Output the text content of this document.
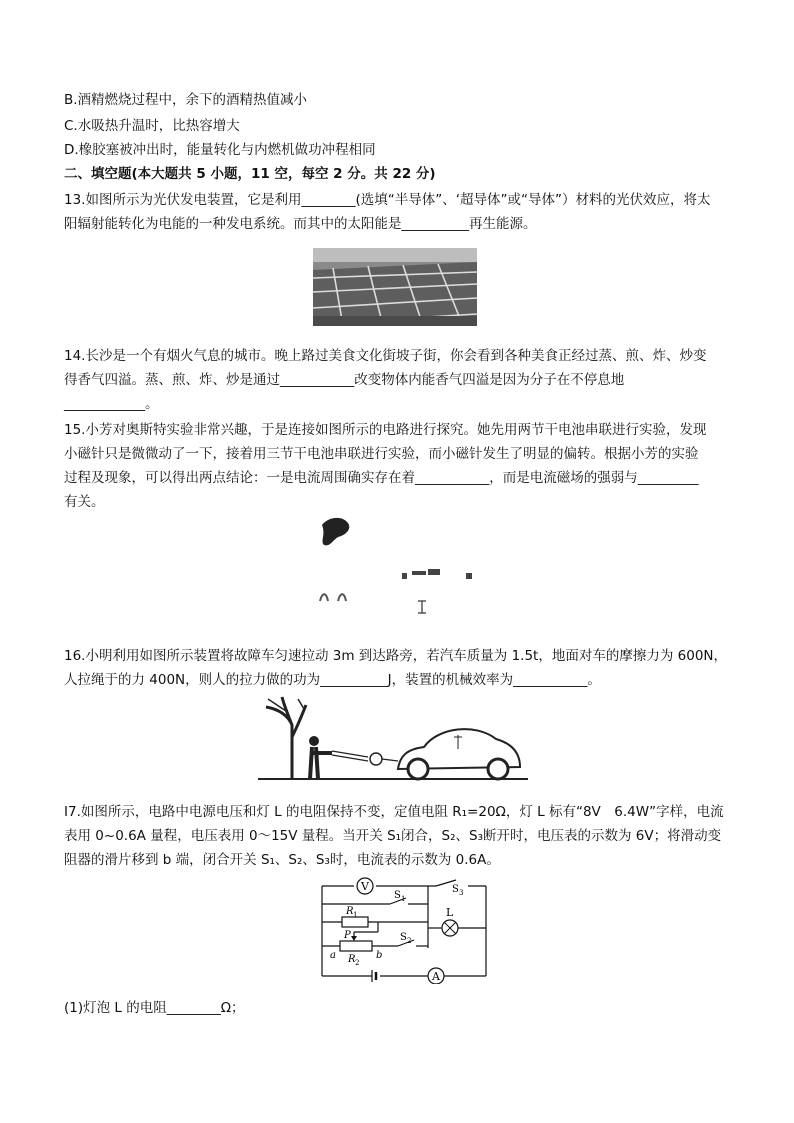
B.酒精燃烧过程中，余下的酒精热值减小
C.水吸热升温时，比热容增大
D.橡胶塞被冲出时，能量转化与内燃机做功冲程相同
二、填空题(本大题共 5 小题，11 空，每空 2 分。共 22 分)
13.如图所示为光伏发电装置，它是利用________(选填“半导体”、‘超导体”或“导体”）材料的光伏效应，将太
阳辐射能转化为电能的一种发电系统。而其中的太阳能是__________再生能源。
14.长沙是一个有烟火气息的城市。晚上路过美食文化街坡子街，你会看到各种美食正经过蒸、煎、炸、炒变
得香气四溢。蒸、煎、炸、炒是通过___________改变物体内能香气四溢是因为分子在不停息地
____________。
15.小芳对奥斯特实验非常兴趣，于是连接如图所示的电路进行探究。她先用两节干电池串联进行实验，发现
小磁针只是微微动了一下，接着用三节干电池串联进行实验，而小磁针发生了明显的偏转。根据小芳的实验
过程及现象，可以得出两点结论：一是电流周围确实存在着___________，而是电流磁场的强弱与_________
有关。
16.小明利用如图所示装置将故障车匀速拉动 3m 到达路旁，若汽车质量为 1.5t，地面对车的摩擦力为 600N，
人拉绳于的力 400N，则人的拉力做的功为__________J，装置的机械效率为___________。
I7.如图所示，电路中电源电压和灯 L 的电阻保持不变，定值电阻 R₁=20Ω，灯 L 标有“8V　6.4W”字样，电流
表用 0~0.6A 量程，电压表用 0～15V 量程。当开关 S₁闭合，S₂、S₃断开时，电压表的示数为 6V；将滑动变
阻器的滑片移到 b 端，闭合开关 S₁、S₂、S₃时，电流表的示数为 0.6A。
V
A
L
S 1
S 2
S 3
R 1
R 2
P
a	b
(1)灯泡 L 的电阻________Ω；
